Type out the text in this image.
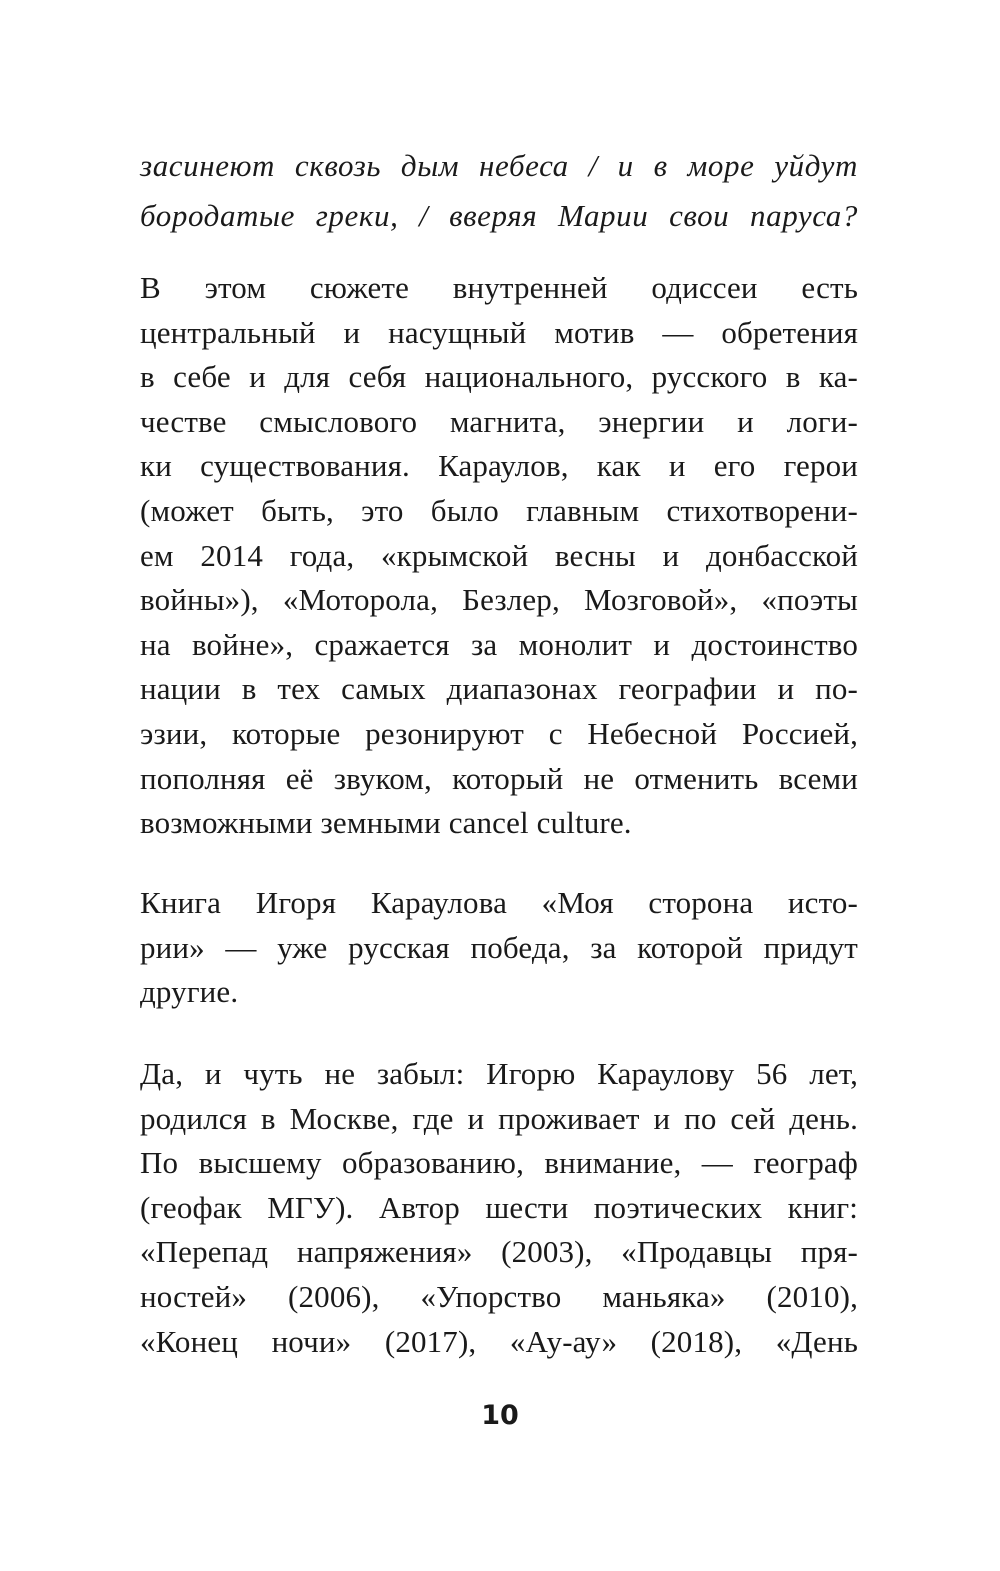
засинеют сквозь дым небеса / и в море уйдут
бородатые греки, / вверяя Марии свои паруса?
В этом сюжете внутренней одиссеи есть
центральный и насущный мотив — обретения
в себе и для себя национального, русского в ка-
честве смыслового магнита, энергии и логи-
ки существования. Караулов, как и его герои
(может быть, это было главным стихотворени-
ем 2014 года, «крымской весны и донбасской
войны»), «Моторола, Безлер, Мозговой», «поэты
на войне», сражается за монолит и достоинство
нации в тех самых диапазонах географии и по-
эзии, которые резонируют с Небесной Россией,
пополняя её звуком, который не отменить всеми
возможными земными cancel culture.
Книга Игоря Караулова «Моя сторона исто-
рии» — уже русская победа, за которой придут
другие.
Да, и чуть не забыл: Игорю Караулову 56 лет,
родился в Москве, где и проживает и по сей день.
По высшему образованию, внимание, — географ
(геофак МГУ). Автор шести поэтических книг:
«Перепад напряжения» (2003), «Продавцы пря-
ностей» (2006), «Упорство маньяка» (2010),
«Конец ночи» (2017), «Ау-ау» (2018), «День
10
